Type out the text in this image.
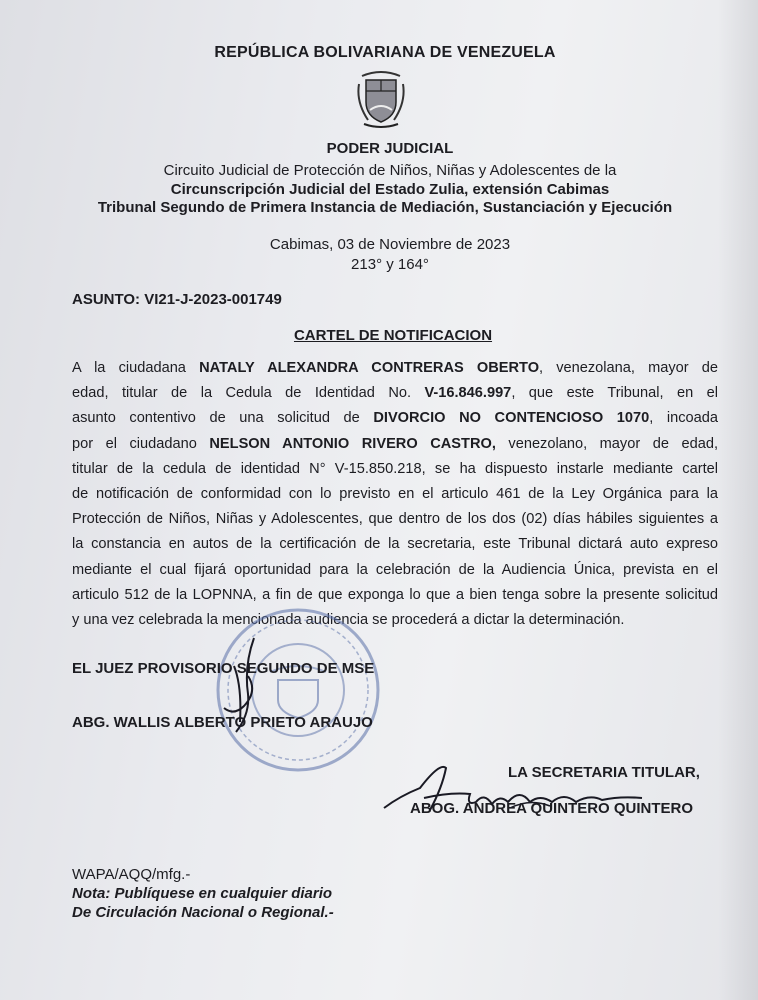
REPÚBLICA BOLIVARIANA DE VENEZUELA
PODER JUDICIAL
Circuito Judicial de Protección de Niños, Niñas y Adolescentes de la
Circunscripción Judicial del Estado Zulia, extensión Cabimas
Tribunal Segundo de Primera Instancia de Mediación, Sustanciación y Ejecución
Cabimas, 03 de Noviembre de 2023
213° y 164°
ASUNTO: VI21-J-2023-001749
CARTEL DE NOTIFICACION
A la ciudadana NATALY ALEXANDRA CONTRERAS OBERTO, venezolana, mayor de
edad, titular de la Cedula de Identidad No. V-16.846.997, que este Tribunal, en el
asunto contentivo de una solicitud de DIVORCIO NO CONTENCIOSO 1070, incoada
por el ciudadano NELSON ANTONIO RIVERO CASTRO, venezolano, mayor de edad,
titular de la cedula de identidad N° V-15.850.218, se ha dispuesto instarle mediante cartel
de notificación de conformidad con lo previsto en el articulo 461 de la Ley Orgánica para la
Protección de Niños, Niñas y Adolescentes, que dentro de los dos (02) días hábiles siguientes a
la constancia en autos de la certificación de la secretaria, este Tribunal dictará auto expreso
mediante el cual fijará oportunidad para la celebración de la Audiencia Única, prevista en el
articulo 512 de la LOPNNA, a fin de que exponga lo que a bien tenga sobre la presente solicitud
y una vez celebrada la mencionada audiencia se procederá a dictar la determinación.
EL JUEZ PROVISORIO SEGUNDO DE MSE
ABG. WALLIS ALBERTO PRIETO ARAUJO
LA SECRETARIA TITULAR,
ABOG. ANDREA QUINTERO QUINTERO
WAPA/AQQ/mfg.-
Nota: Publíquese en cualquier diario
De Circulación Nacional o Regional.-
